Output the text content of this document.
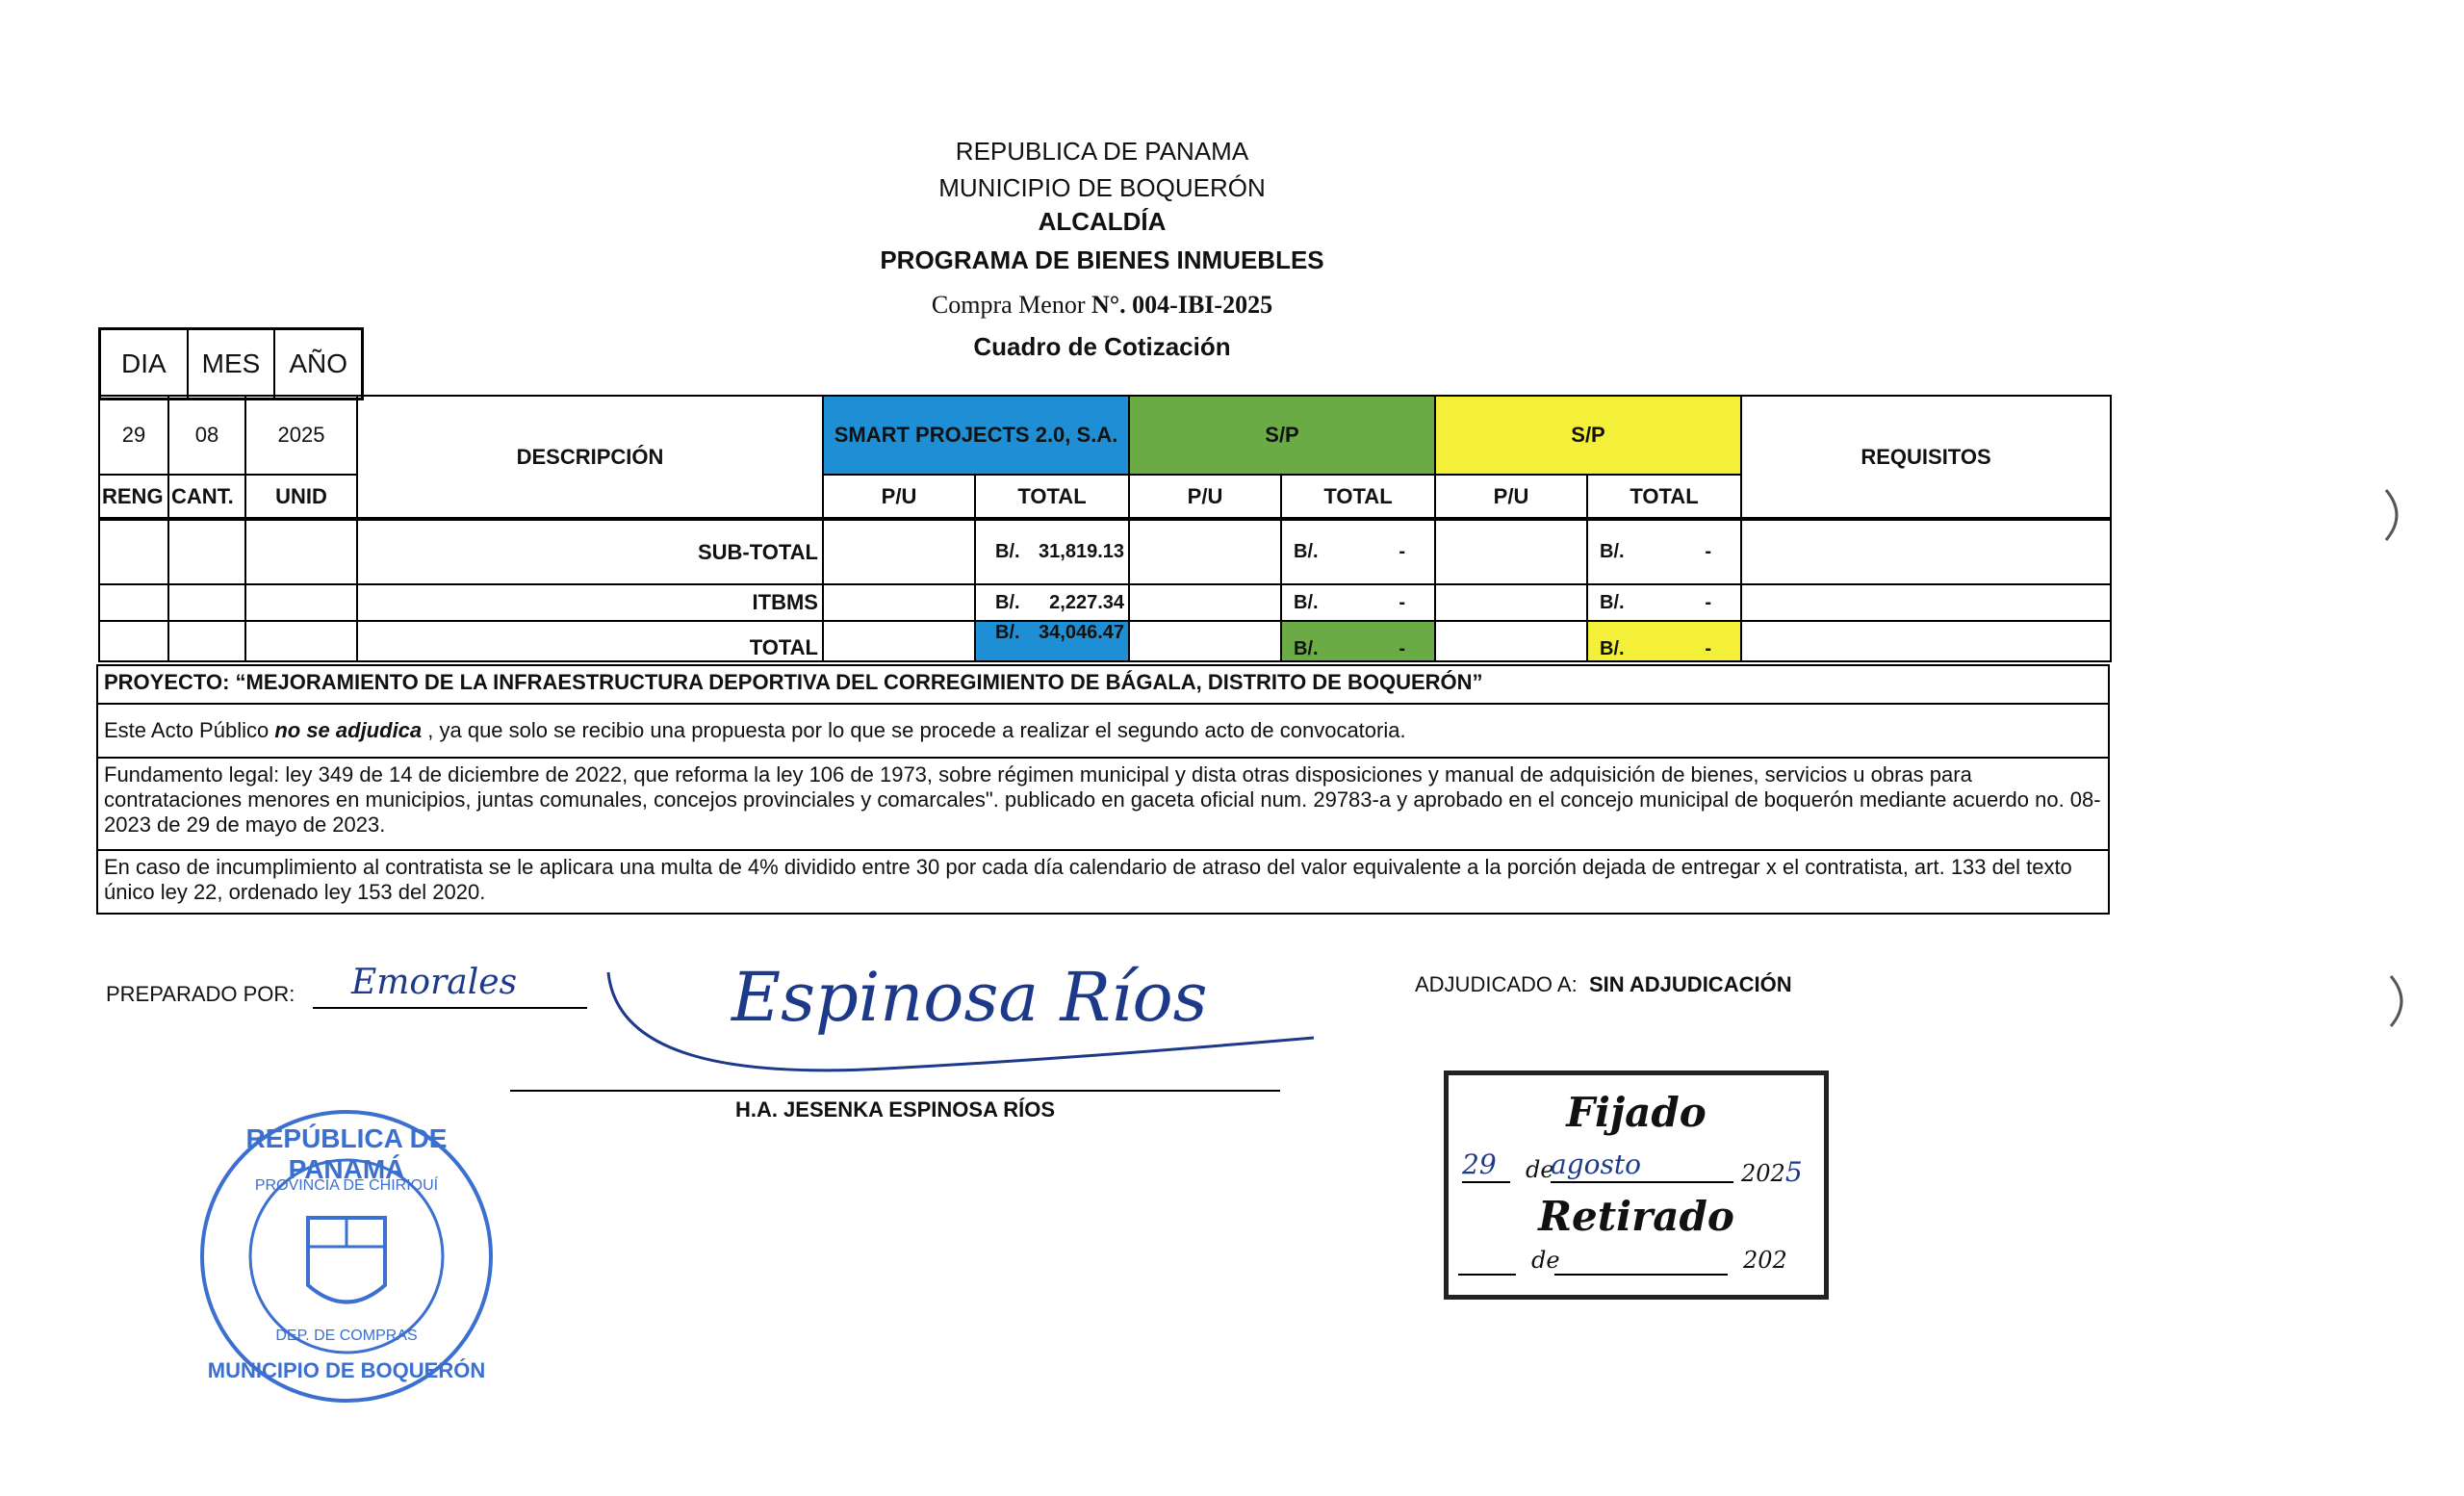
REPUBLICA DE PANAMA
MUNICIPIO DE BOQUERÓN
ALCALDÍA
PROGRAMA DE BIENES INMUEBLES
Compra Menor N°. 004-IBI-2025
Cuadro de Cotización
DIA	MES	AÑO
29	08	2025	DESCRIPCIÓN	SMART PROJECTS 2.0, S.A.		S/P		S/P		REQUISITOS
RENG	CANT.	UNID		P/U	TOTAL	P/U	TOTAL	P/U	TOTAL	
			SUB-TOTAL		B/. 31,819.13		B/. -		B/. -	

			ITBMS		B/. 2,227.34		B/. -		B/. -	

			TOTAL		B/. 34,046.47		B/. -		B/. -	

PROYECTO: “MEJORAMIENTO DE LA INFRAESTRUCTURA DEPORTIVA DEL CORREGIMIENTO DE BÁGALA, DISTRITO DE BOQUERÓN”
Este Acto Público no se adjudica , ya que solo se recibio una propuesta por lo que se procede a realizar el segundo acto de convocatoria.
Fundamento legal: ley 349 de 14 de diciembre de 2022, que reforma la ley 106 de 1973, sobre régimen municipal y dista otras disposiciones y manual de adquisición de bienes, servicios u obras para contrataciones menores en municipios, juntas comunales, concejos provinciales y comarcales". publicado en gaceta oficial num. 29783-a y aprobado en el concejo municipal de boquerón mediante acuerdo no. 08-2023 de 29 de mayo de 2023.
En caso de incumplimiento al contratista se le aplicara una multa de 4% dividido entre 30 por cada día calendario de atraso del valor equivalente a la porción dejada de entregar x el contratista, art. 133 del texto único ley 22, ordenado ley 153 del 2020.
PREPARADO POR: Emorales	Espinosa Ríos
H.A. JESENKA ESPINOSA RÍOS
ADJUDICADO A: SIN ADJUDICACIÓN
Fijado
29	de
agosto	2025
Retirado
de	202
REPÚBLICA DE PANAMÁ
PROVINCIA DE CHIRIQUÍ
DEP. DE COMPRAS
MUNICIPIO DE BOQUERÓN
